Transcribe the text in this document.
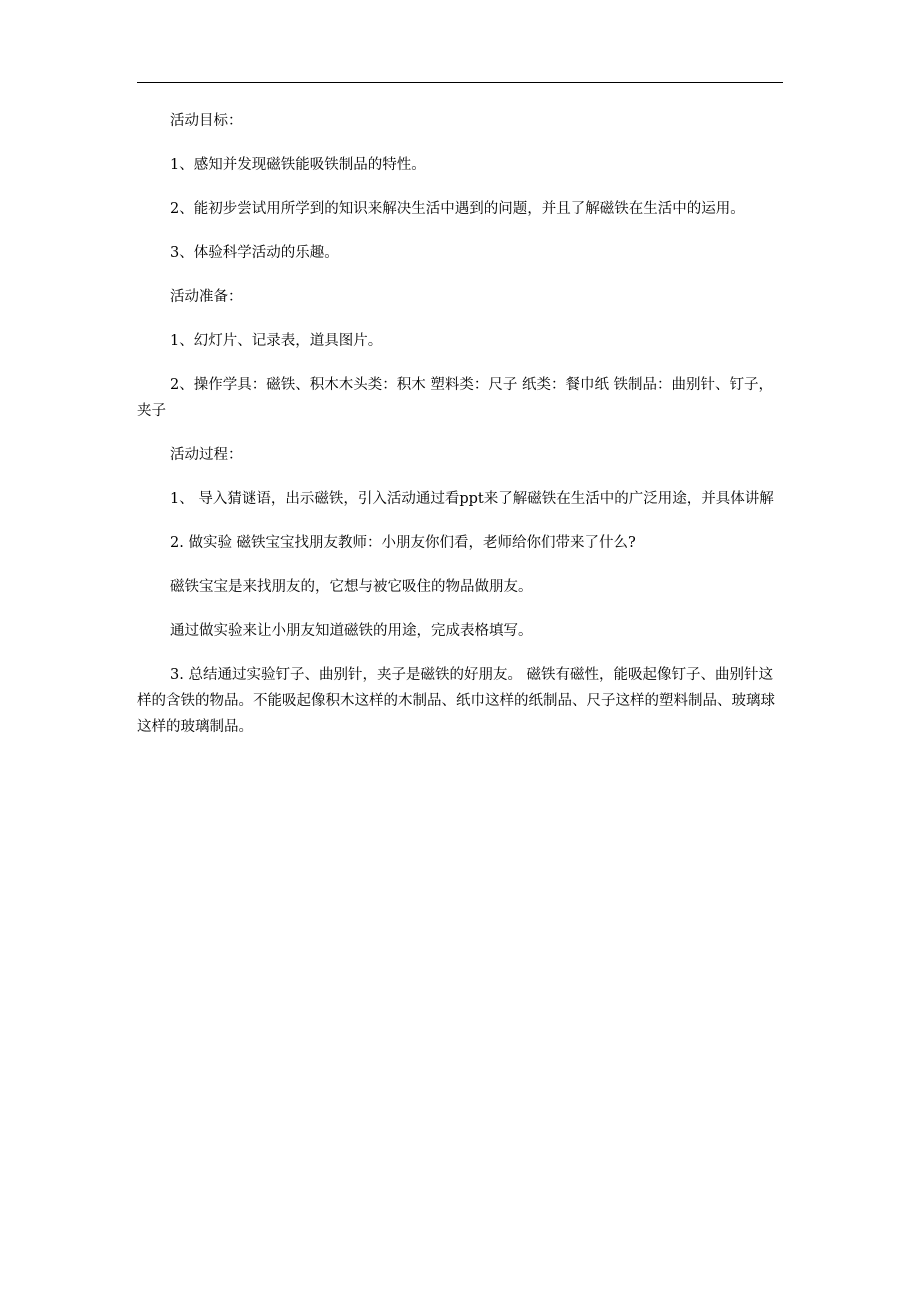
活动目标：

1、感知并发现磁铁能吸铁制品的特性。

2、能初步尝试用所学到的知识来解决生活中遇到的问题，并且了解磁铁在生活中的运用。

3、体验科学活动的乐趣。

活动准备：

1、幻灯片、记录表，道具图片。

2、操作学具：磁铁、积木木头类：积木 塑料类：尺子 纸类：餐巾纸 铁制品：曲别针、钉子，夹子

活动过程：

1、 导入猜谜语，出示磁铁，引入活动通过看ppt来了解磁铁在生活中的广泛用途，并具体讲解

2. 做实验 磁铁宝宝找朋友教师：小朋友你们看，老师给你们带来了什么?

磁铁宝宝是来找朋友的，它想与被它吸住的物品做朋友。

通过做实验来让小朋友知道磁铁的用途，完成表格填写。

3. 总结通过实验钉子、曲别针，夹子是磁铁的好朋友。 磁铁有磁性，能吸起像钉子、曲别针这样的含铁的物品。不能吸起像积木这样的木制品、纸巾这样的纸制品、尺子这样的塑料制品、玻璃球这样的玻璃制品。
